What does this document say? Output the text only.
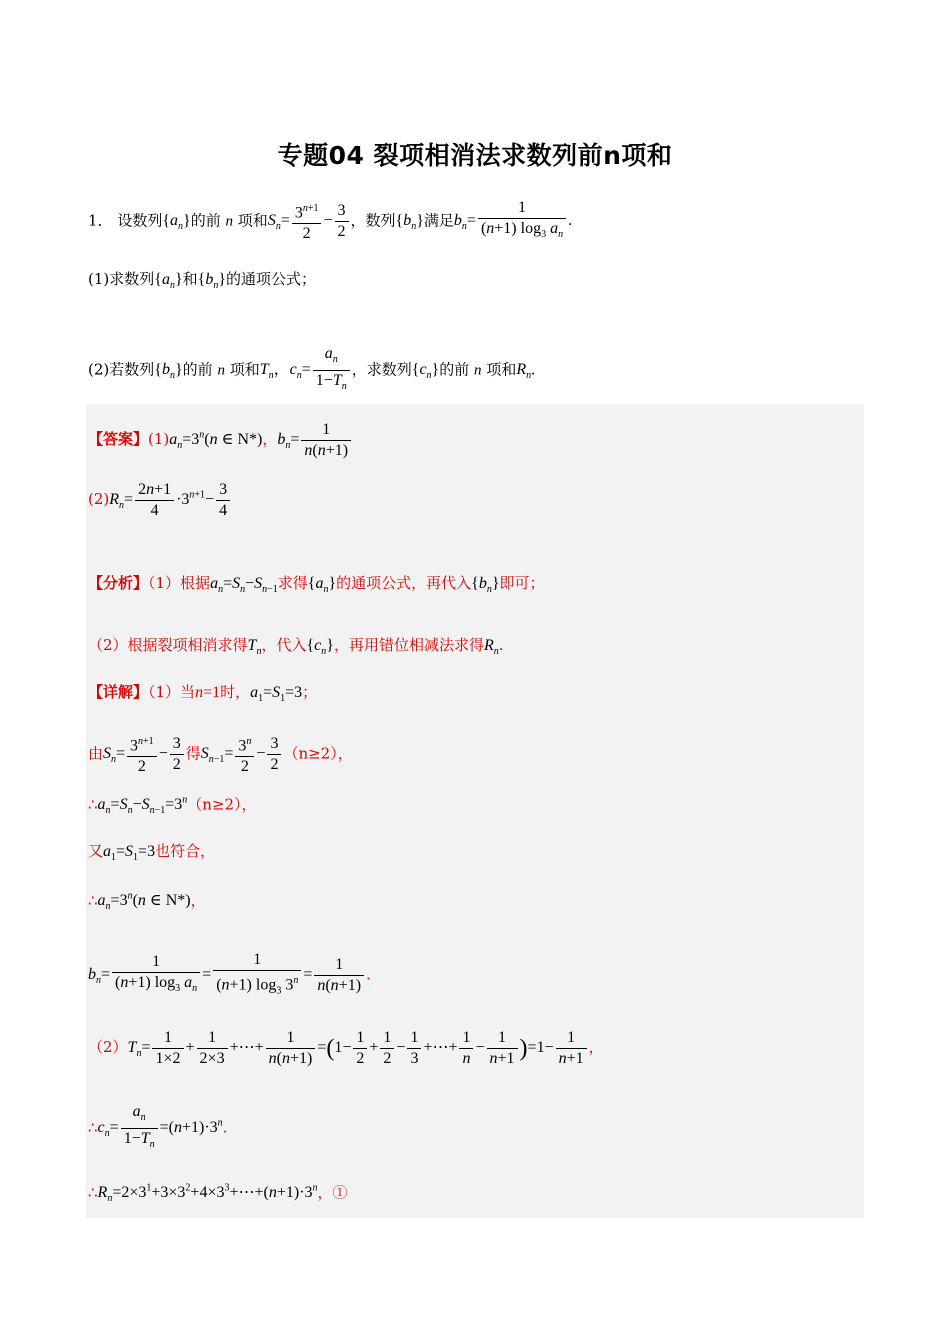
专题04 裂项相消法求数列前n项和
1． 设数列$\{a_n\}$的前 n 项和$S_n= \frac{3^{n+1}}{2} - \frac{3}{2}$ ，数列$\{b_n\}$满足$b_n= \frac{1}{(n+1) \log_3 a_n}$ .
(1)求数列$\{a_n\}$和$\{b_n\}$的通项公式；
(2)若数列$\{b_n\}$的前 n 项和$T_n$，$c_n= \frac{a_n}{1-T_n}$ ，求数列$\{c_n\}$的前 n 项和$R_n$.
【答案】$(1)a_n=3^n(n$ ∈ N*)，$b_n= \frac{1}{n(n+1)}$
$(2)R_n= \frac{2n+1}{4} \cdot 3^{n+1}- \frac{3}{4}$
【分析】（1）根据$a_n=S_n-S_{n-1}$求得$\{a_n\}$的通项公式，再代入$\{b_n\}$即可；
（2）根据裂项相消求得$T_n$，代入$\{c_n\}$，再用错位相减法求得$R_n$.
【详解】（1）当n=1时，$a_1=S_1=3$；
由$S_n= \frac{3^{n+1}}{2} - \frac{3}{2}$ 得$S_{n-1}= \frac{3^n}{2} - \frac{3}{2} (n\ge 2)$，
$\therefore a_n=S_n-S_{n-1}=3^n(n\ge 2)$，
又$a_1=S_1=3$也符合，
$\therefore a_n=3^n(n$ ∈ N*)，
$b_n= \frac{1}{(n+1) \log_3 a_n} = \frac{1}{(n+1) \log_3 3^n} = \frac{1}{n(n+1)}$ .
$(2)T_n= \frac{1}{1\times 2} + \frac{1}{2\times 3}$ +⋯+ $\frac{1}{n(n+1)} =(1- \frac{1}{2} + \frac{1}{2} - \frac{1}{3}$ +⋯+ $\frac{1}{n} - \frac{1}{n+1} )=1- \frac{1}{n+1}$ ，
$\therefore c_n= \frac{a_n}{1-T_n} =(n+1)\cdot 3^n$.
$\therefore R_n=2\times 3^1+3\times 3^2+4\times 3^3+\cdots+(n+1)\cdot 3^n$，①
